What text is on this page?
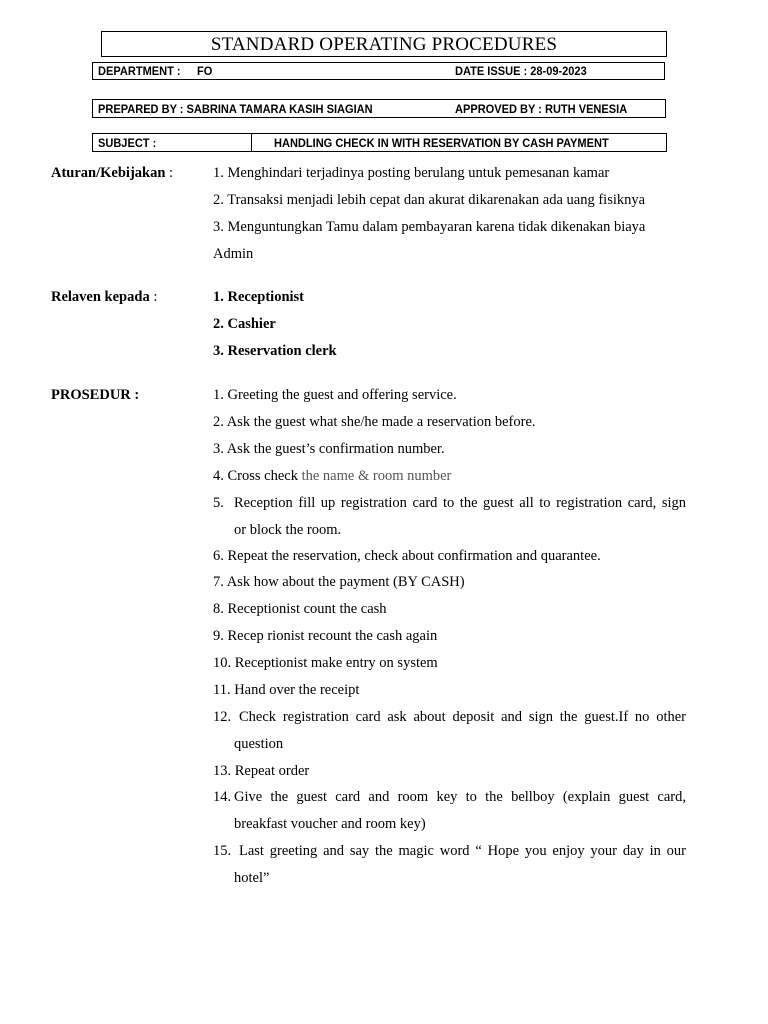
STANDARD OPERATING PROCEDURES
DEPARTMENT : FO	DATE ISSUE : 28-09-2023
PREPARED BY : SABRINA TAMARA KASIH SIAGIAN	APPROVED BY : RUTH VENESIA
SUBJECT :	HANDLING CHECK IN WITH RESERVATION BY CASH PAYMENT
Aturan/Kebijakan :	1. Menghindari terjadinya posting berulang untuk pemesanan kamar
2. Transaksi menjadi lebih cepat dan akurat dikarenakan ada uang fisiknya
3. Menguntungkan Tamu dalam pembayaran karena tidak dikenakan biaya
Admin
Relaven kepada :	1. Receptionist
2. Cashier
3. Reservation clerk
PROSEDUR :	1. Greeting the guest and offering service.
2. Ask the guest what she/he made a reservation before.
3. Ask the guest’s confirmation number.
4. Cross check the name & room number
5. Reception fill up registration card to the guest all to registration card, sign
or block the room.
6. Repeat the reservation, check about confirmation and quarantee.
7. Ask how about the payment (BY CASH)
8. Receptionist count the cash
9. Recep rionist recount the cash again
10. Receptionist make entry on system
11. Hand over the receipt
12. Check registration card ask about deposit and sign the guest.If no other
question
13. Repeat order
14. Give the guest card and room key to the bellboy (explain guest card,
breakfast voucher and room key)
15. Last greeting and say the magic word “ Hope you enjoy your day in our
hotel”
